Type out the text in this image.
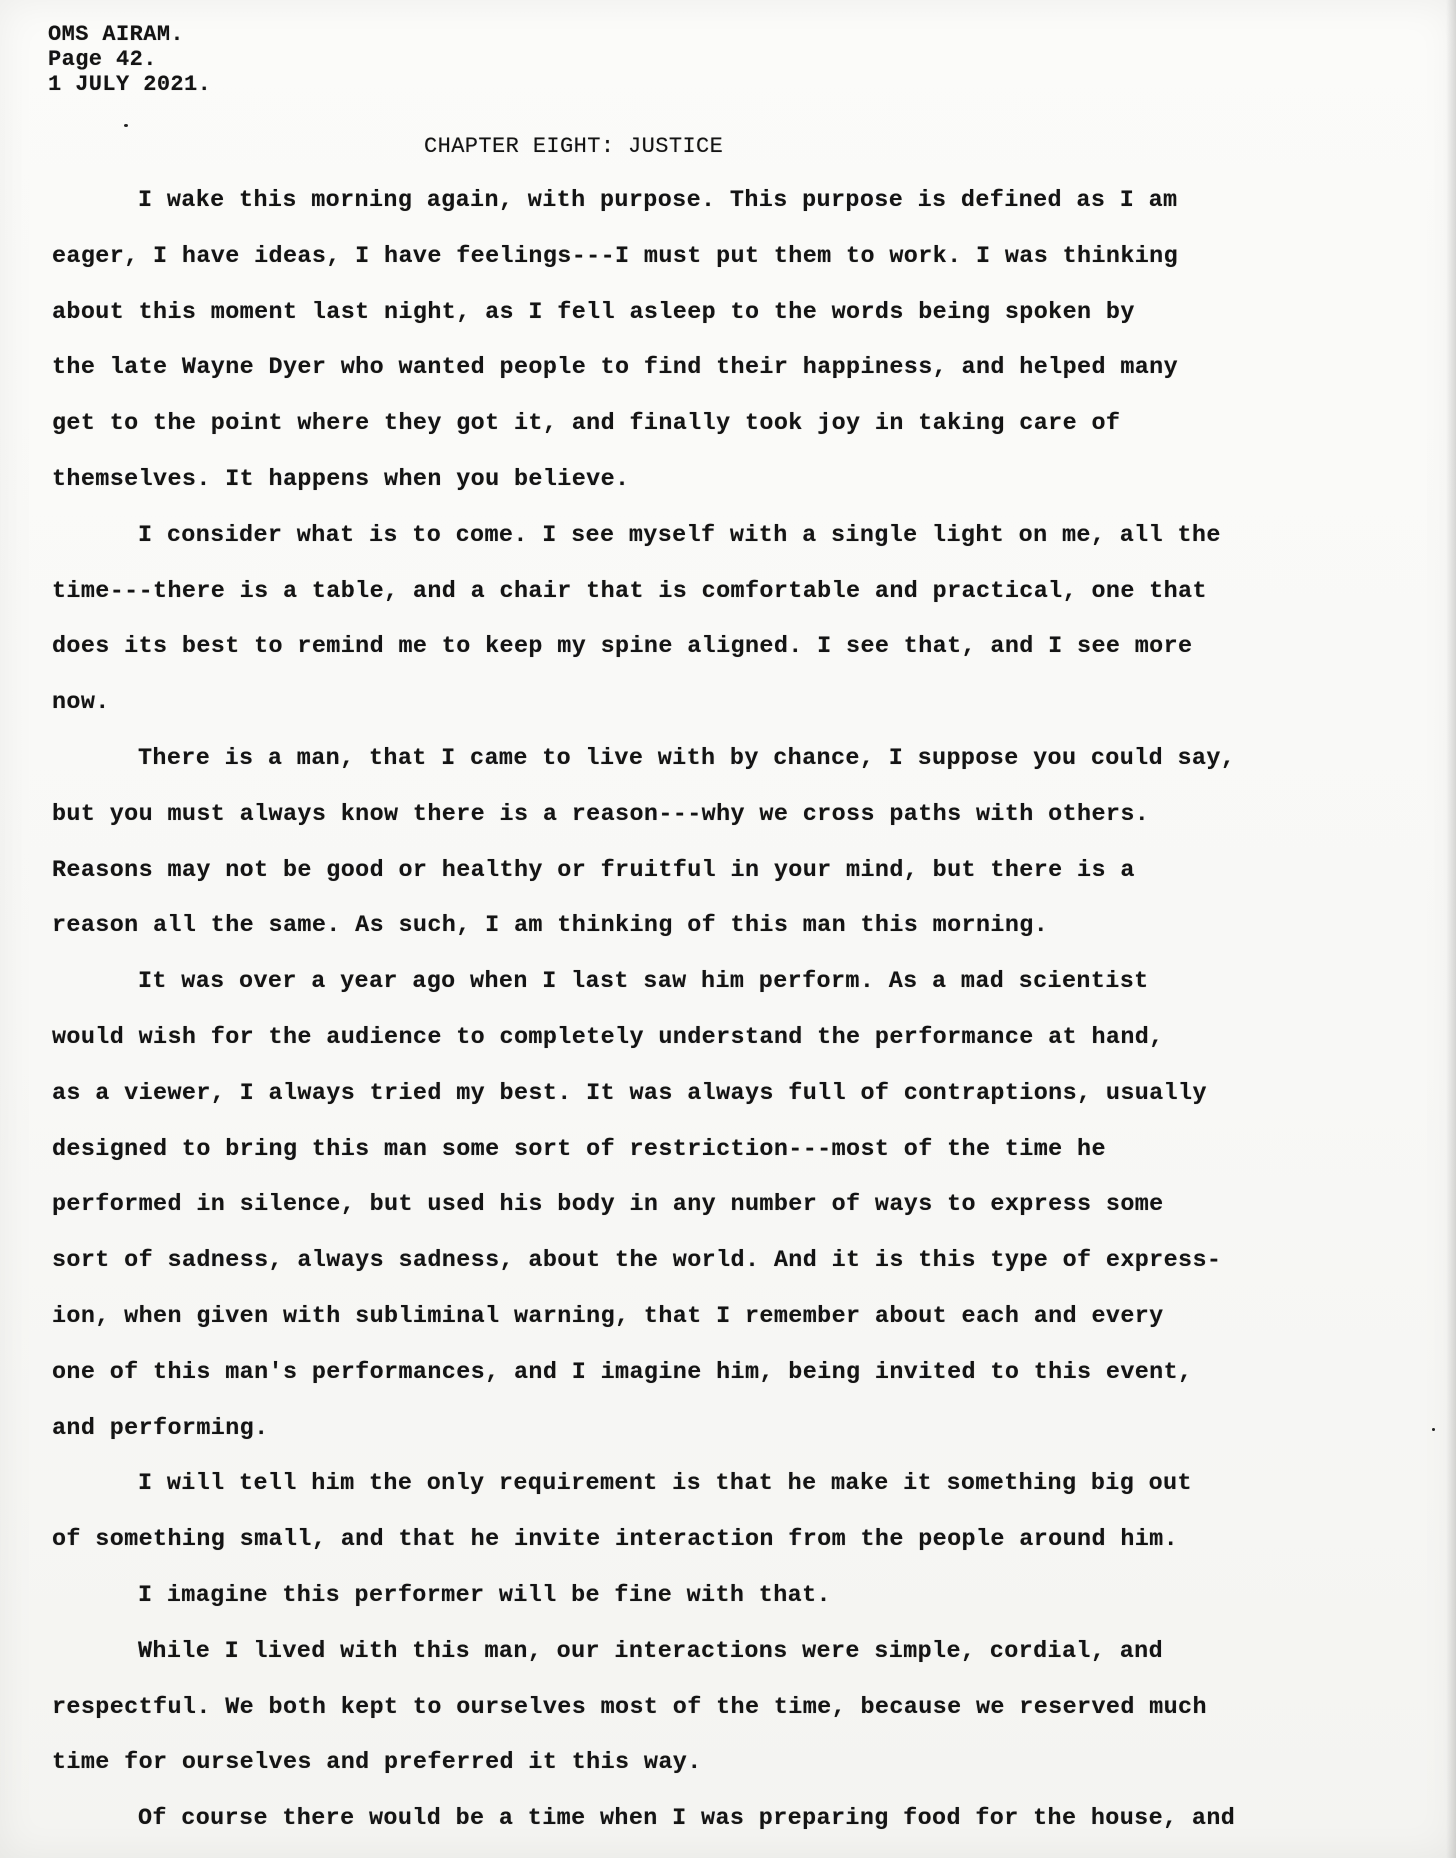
OMS AIRAM.
Page 42.
1 JULY 2021.
CHAPTER EIGHT: JUSTICE
I wake this morning again, with purpose. This purpose is defined as I am
eager, I have ideas, I have feelings---I must put them to work. I was thinking
about this moment last night, as I fell asleep to the words being spoken by
the late Wayne Dyer who wanted people to find their happiness, and helped many
get to the point where they got it, and finally took joy in taking care of
themselves. It happens when you believe.
I consider what is to come. I see myself with a single light on me, all the
time---there is a table, and a chair that is comfortable and practical, one that
does its best to remind me to keep my spine aligned. I see that, and I see more
now.
There is a man, that I came to live with by chance, I suppose you could say,
but you must always know there is a reason---why we cross paths with others.
Reasons may not be good or healthy or fruitful in your mind, but there is a
reason all the same. As such, I am thinking of this man this morning.
It was over a year ago when I last saw him perform. As a mad scientist
would wish for the audience to completely understand the performance at hand,
as a viewer, I always tried my best. It was always full of contraptions, usually
designed to bring this man some sort of restriction---most of the time he
performed in silence, but used his body in any number of ways to express some
sort of sadness, always sadness, about the world. And it is this type of express-
ion, when given with subliminal warning, that I remember about each and every
one of this man's performances, and I imagine him, being invited to this event,
and performing.
I will tell him the only requirement is that he make it something big out
of something small, and that he invite interaction from the people around him.
I imagine this performer will be fine with that.
While I lived with this man, our interactions were simple, cordial, and
respectful. We both kept to ourselves most of the time, because we reserved much
time for ourselves and preferred it this way.
Of course there would be a time when I was preparing food for the house, and
